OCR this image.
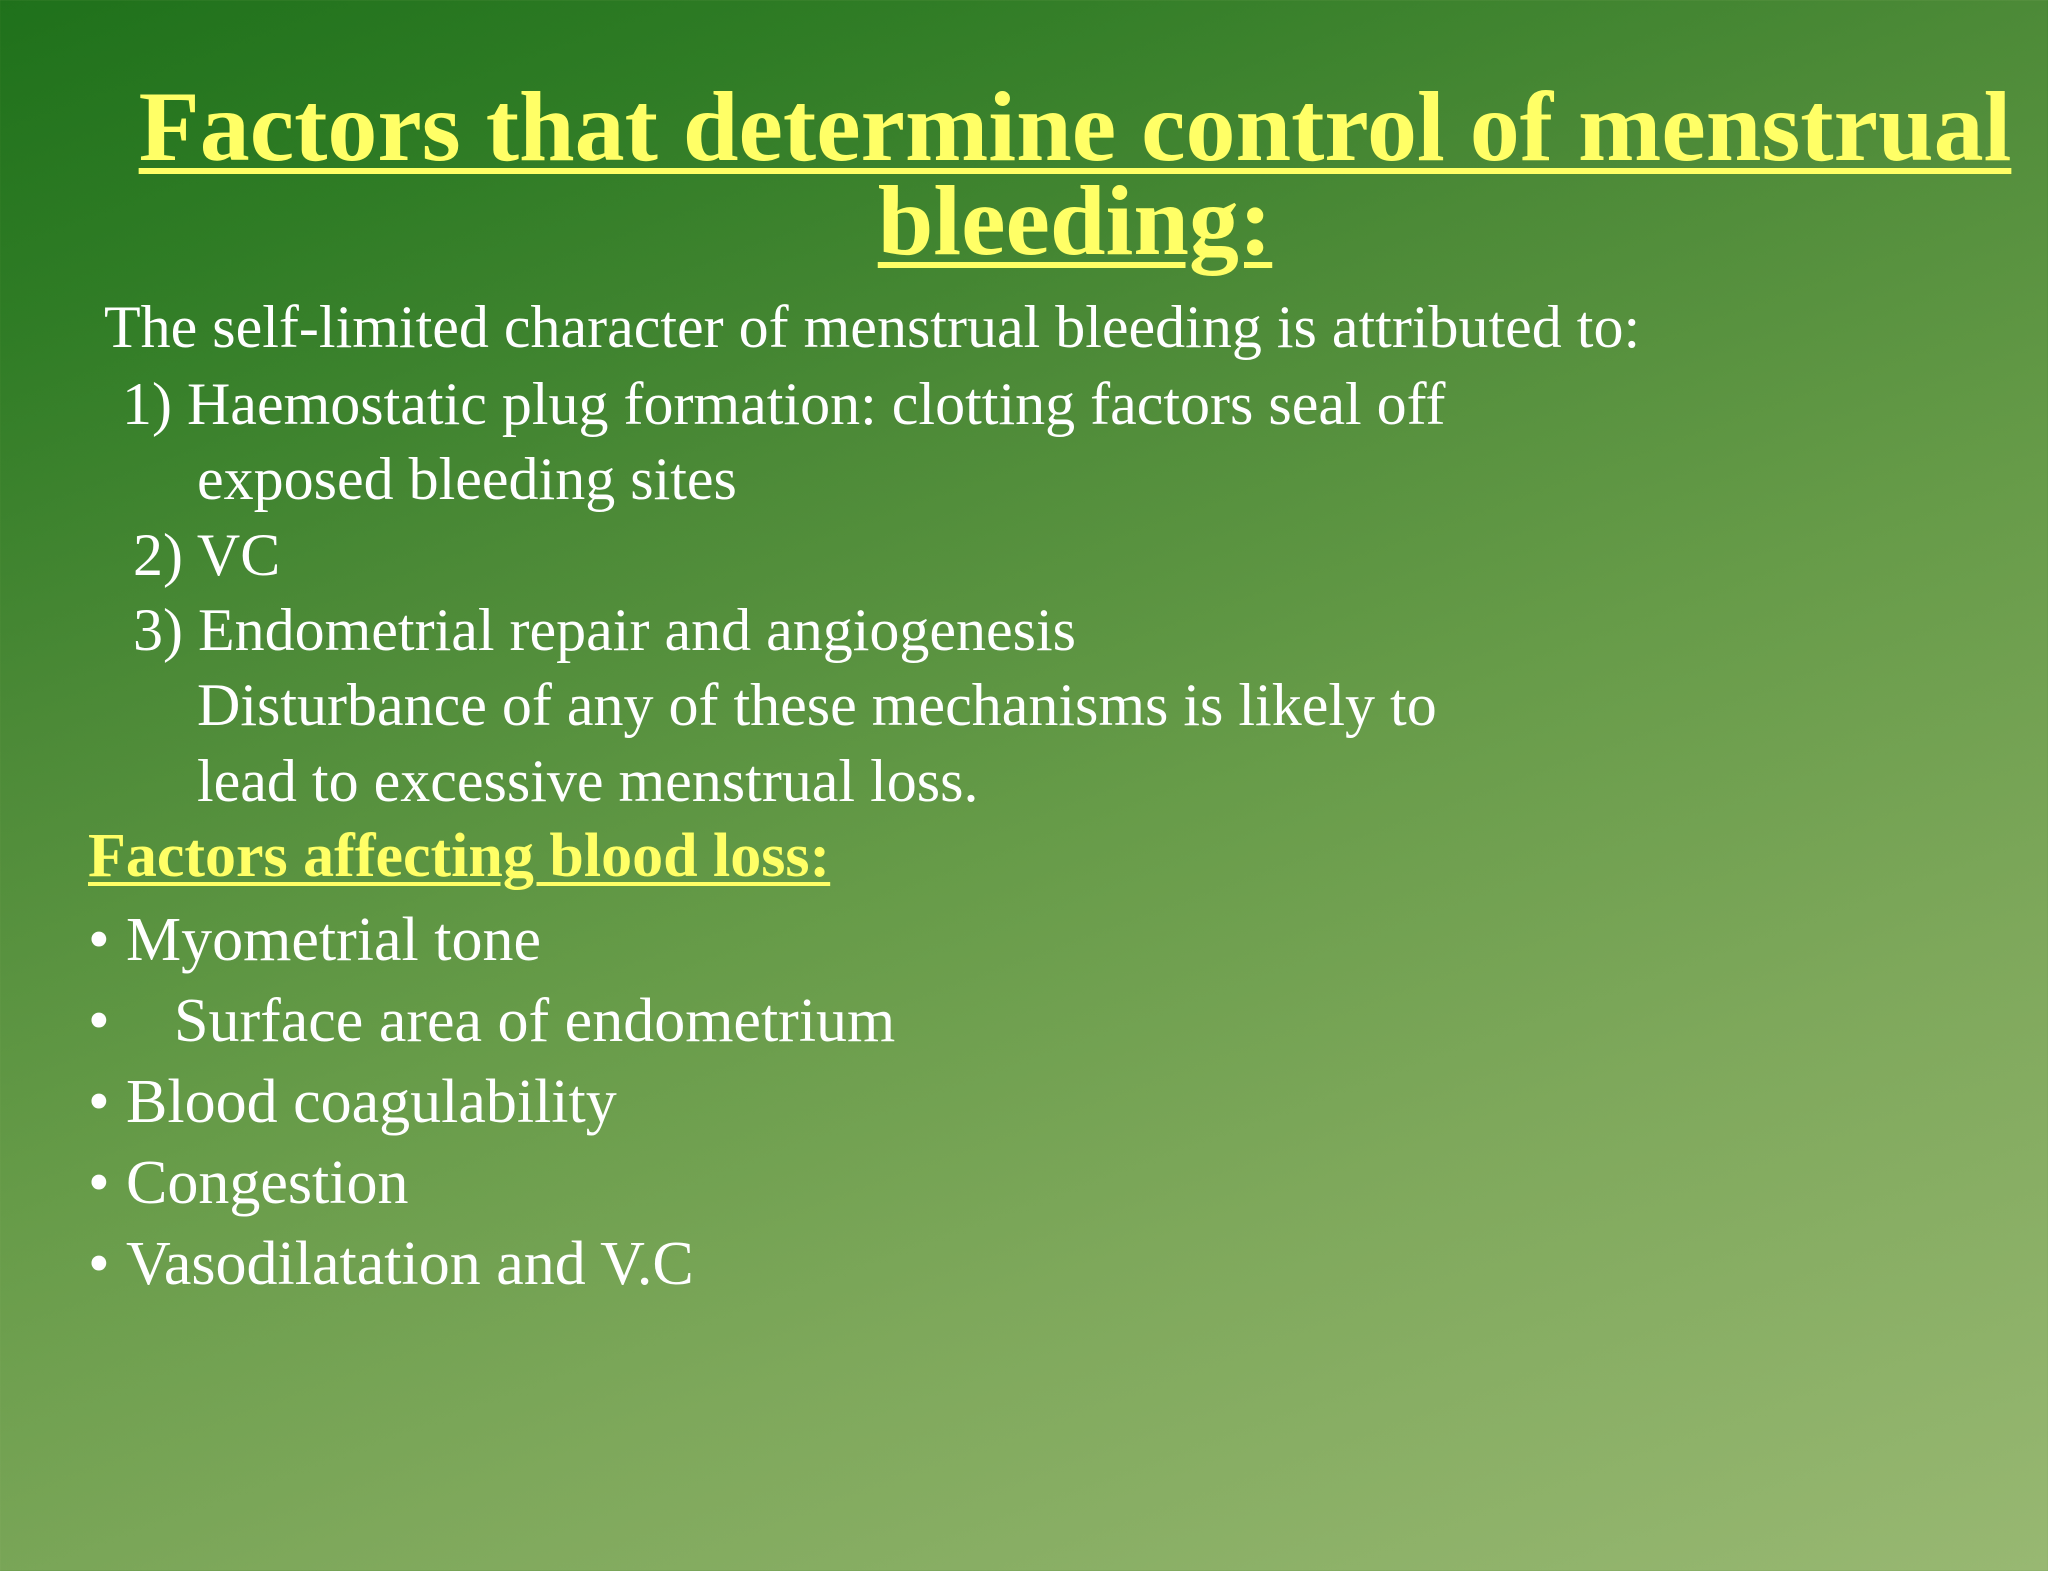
Factors that determine control of menstrual
bleeding:
The self-limited character of menstrual bleeding is attributed to:
1) Haemostatic plug formation: clotting factors seal off
exposed bleeding sites
2) VC
3) Endometrial repair and angiogenesis
Disturbance of any of these mechanisms is likely to
lead to excessive menstrual loss.
Factors affecting blood loss:
• Myometrial tone
• Surface area of endometrium
• Blood coagulability
• Congestion
• Vasodilatation and V.C
